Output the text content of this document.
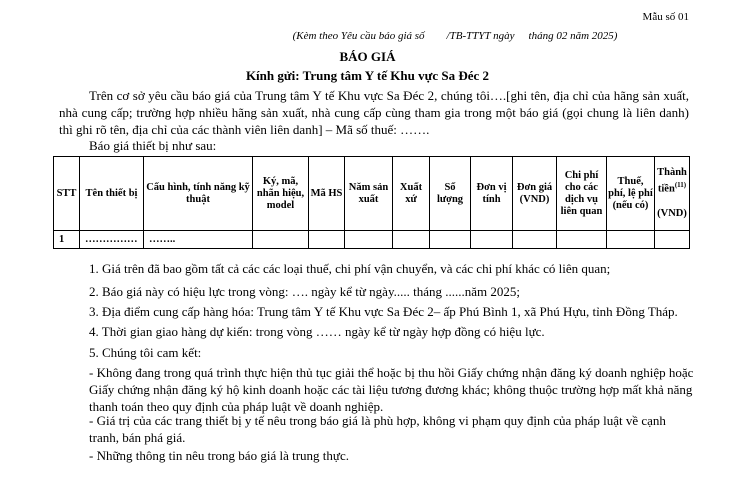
Mẫu số 01
(Kèm theo Yêu cầu báo giá số /TB-TTYT ngày tháng 02 năm 2025)
BÁO GIÁ
Kính gửi: Trung tâm Y tế Khu vực Sa Đéc 2
Trên cơ sở yêu cầu báo giá của Trung tâm Y tế Khu vực Sa Đéc 2, chúng tôi….[ghi tên, địa chỉ của hãng sản xuất, nhà cung cấp; trường hợp nhiều hãng sản xuất, nhà cung cấp cùng tham gia trong một báo giá (gọi chung là liên danh) thì ghi rõ tên, địa chỉ của các thành viên liên danh] – Mã số thuế: …….
Báo giá thiết bị như sau:
STT	Tên thiết bị	Cấu hình, tính năng kỹ thuật	Ký, mã, nhãn hiệu, model	Mã HS	Năm sản xuất	Xuất xứ	Số lượng	Đơn vị tính	Đơn giá (VND)	Chi phí cho các dịch vụ liên quan	Thuế, phí, lệ phí (nếu có)	Thành tiền$^{(11)}$

(VND)
1	……………	……..										
1. Giá trên đã bao gồm tất cả các các loại thuế, chi phí vận chuyển, và các chi phí khác có liên quan;
2. Báo giá này có hiệu lực trong vòng: …. ngày kể từ ngày..... tháng ......năm 2025;
3. Địa điểm cung cấp hàng hóa: Trung tâm Y tế Khu vực Sa Đéc 2– ấp Phú Bình 1, xã Phú Hựu, tỉnh Đồng Tháp.
4. Thời gian giao hàng dự kiến: trong vòng …… ngày kể từ ngày hợp đồng có hiệu lực.
5. Chúng tôi cam kết:
- Không đang trong quá trình thực hiện thủ tục giải thể hoặc bị thu hồi Giấy chứng nhận đăng ký doanh nghiệp hoặc Giấy chứng nhận đăng ký hộ kinh doanh hoặc các tài liệu tương đương khác; không thuộc trường hợp mất khả năng thanh toán theo quy định của pháp luật về doanh nghiệp.
- Giá trị của các trang thiết bị y tế nêu trong báo giá là phù hợp, không vi phạm quy định của pháp luật về cạnh tranh, bán phá giá.
- Những thông tin nêu trong báo giá là trung thực.
